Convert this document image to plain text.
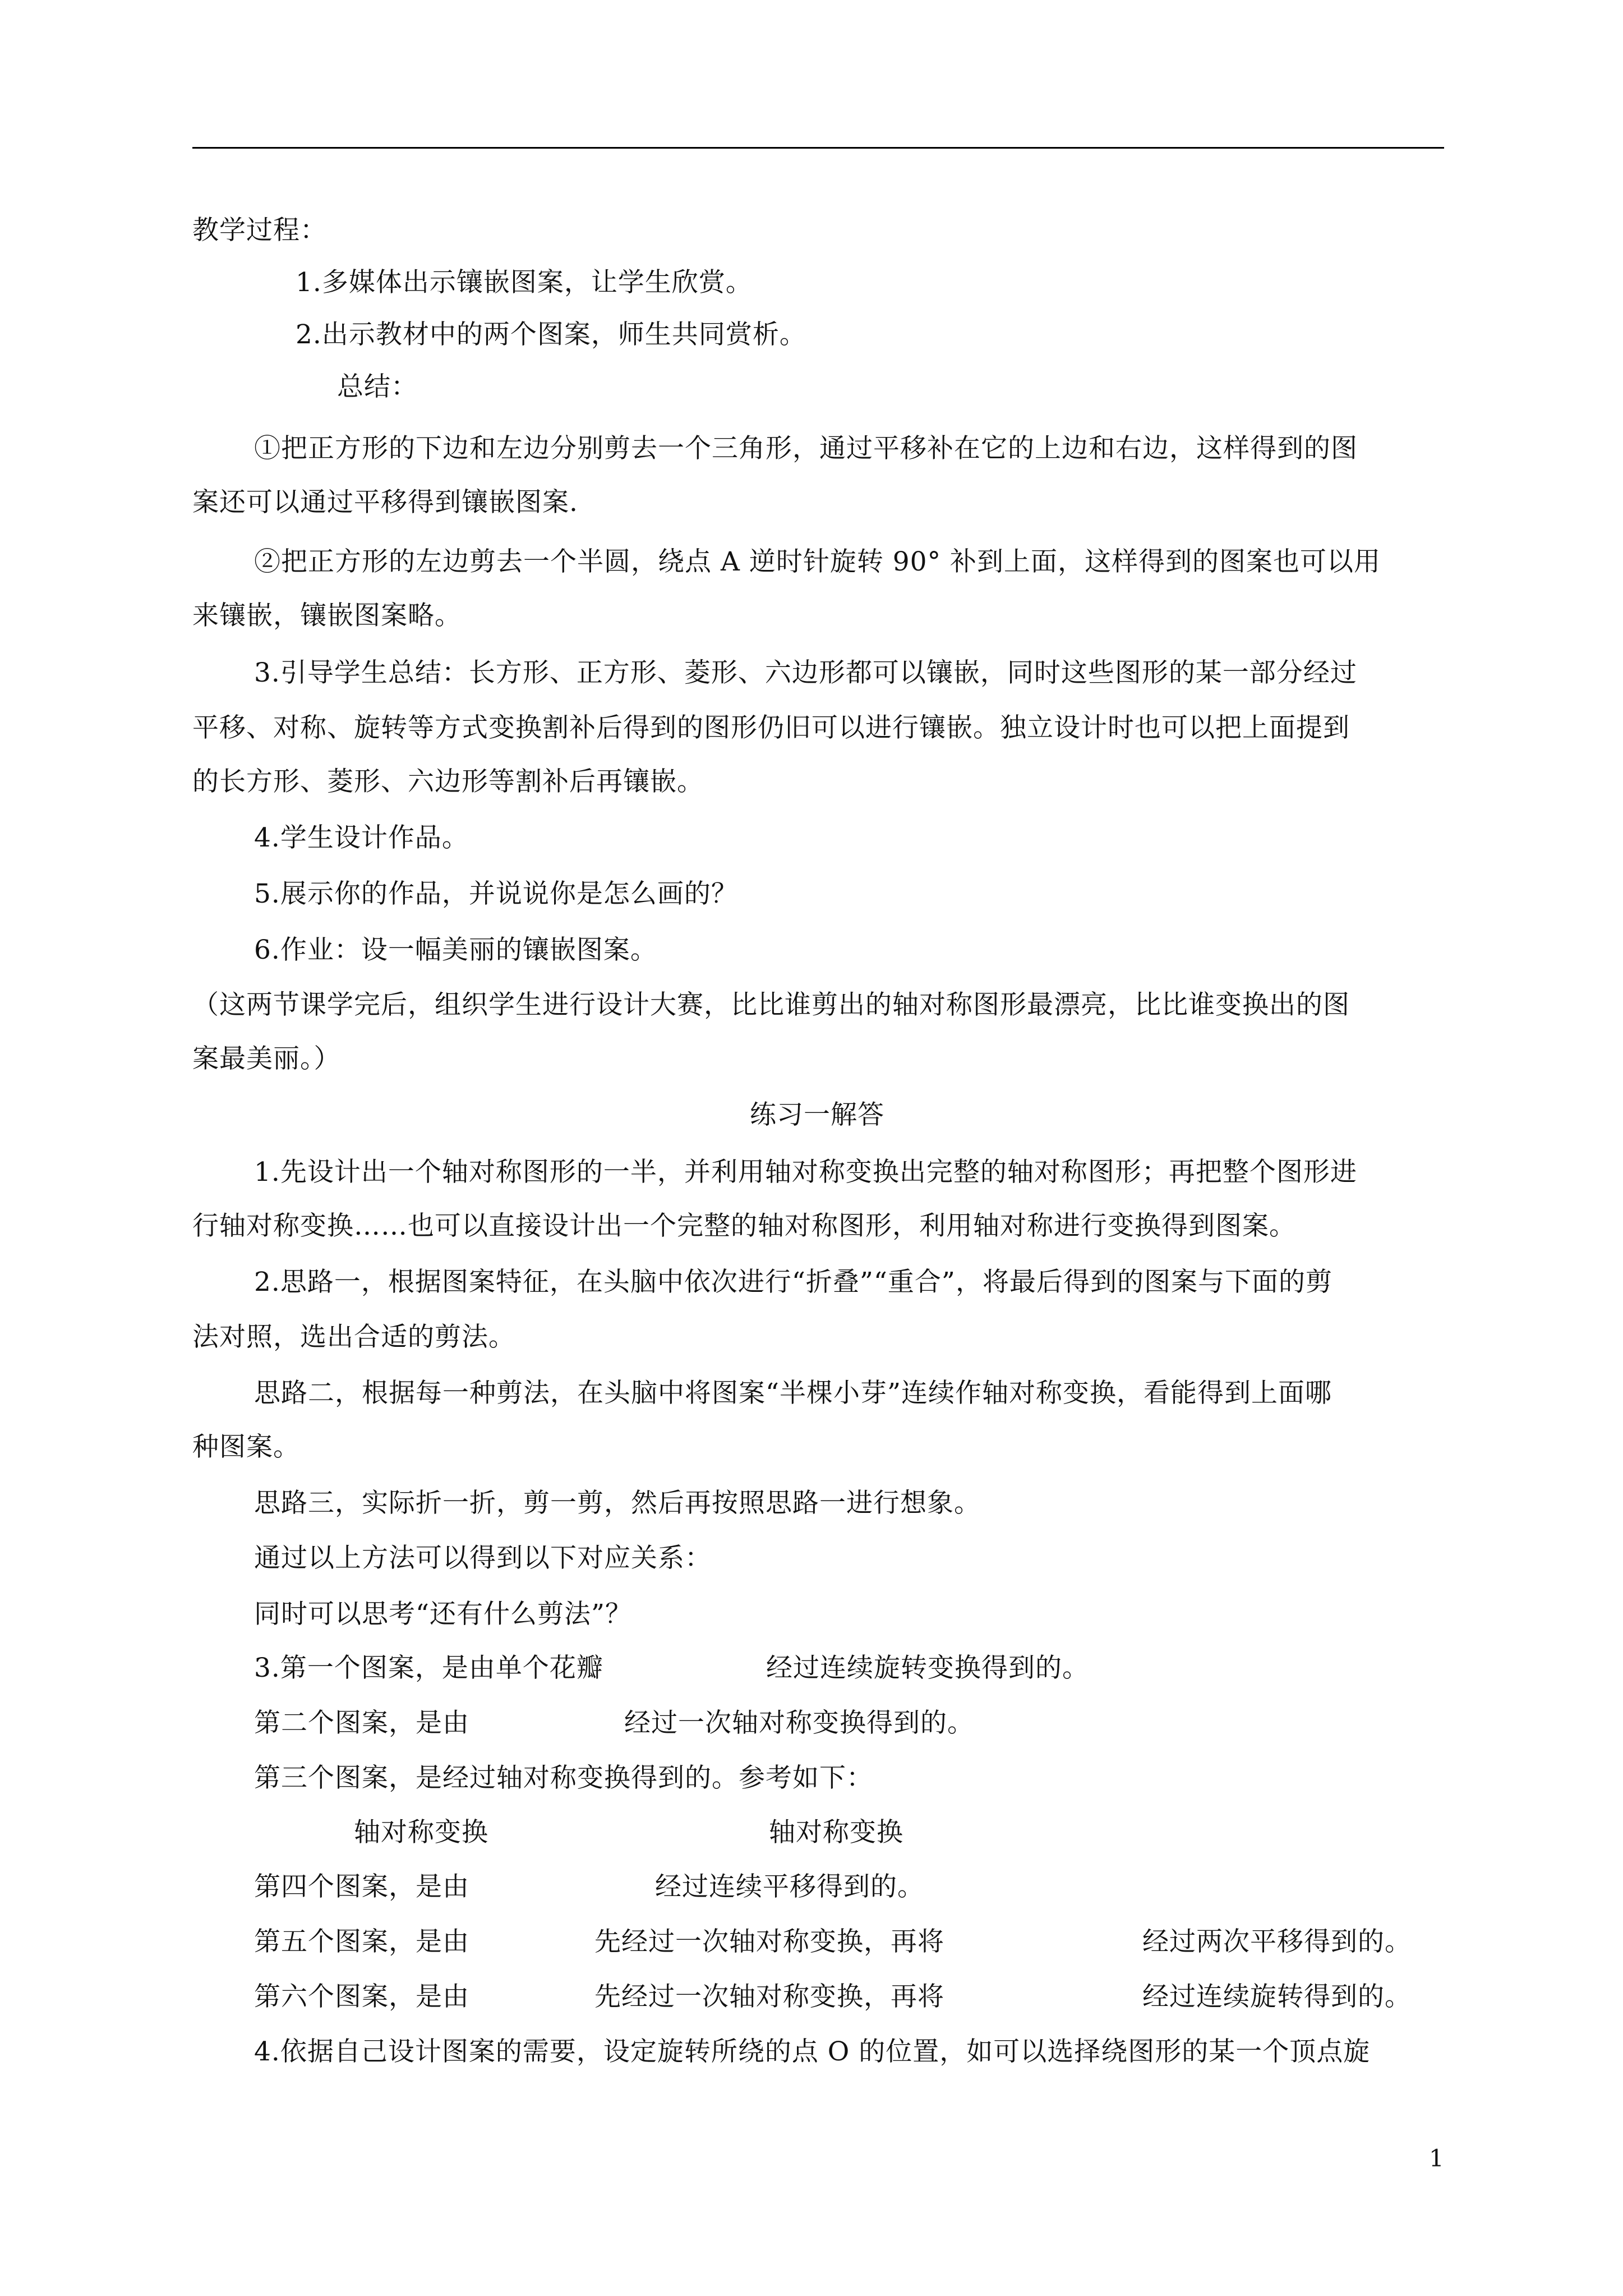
教学过程：
1.多媒体出示镶嵌图案，让学生欣赏。
2.出示教材中的两个图案，师生共同赏析。
总结：
①把正方形的下边和左边分别剪去一个三角形，通过平移补在它的上边和右边，这样得到的图
案还可以通过平移得到镶嵌图案.
②把正方形的左边剪去一个半圆，绕点 A 逆时针旋转 90° 补到上面，这样得到的图案也可以用
来镶嵌，镶嵌图案略。
3.引导学生总结：长方形、正方形、菱形、六边形都可以镶嵌，同时这些图形的某一部分经过
平移、对称、旋转等方式变换割补后得到的图形仍旧可以进行镶嵌。独立设计时也可以把上面提到
的长方形、菱形、六边形等割补后再镶嵌。
4.学生设计作品。
5.展示你的作品，并说说你是怎么画的？
6.作业：设一幅美丽的镶嵌图案。
（这两节课学完后，组织学生进行设计大赛，比比谁剪出的轴对称图形最漂亮，比比谁变换出的图
案最美丽。）
练习一解答
1.先设计出一个轴对称图形的一半，并利用轴对称变换出完整的轴对称图形；再把整个图形进
行轴对称变换……也可以直接设计出一个完整的轴对称图形，利用轴对称进行变换得到图案。
2.思路一，根据图案特征，在头脑中依次进行“折叠”“重合”，将最后得到的图案与下面的剪
法对照，选出合适的剪法。
思路二，根据每一种剪法，在头脑中将图案“半棵小芽”连续作轴对称变换，看能得到上面哪
种图案。
思路三，实际折一折，剪一剪，然后再按照思路一进行想象。
通过以上方法可以得到以下对应关系：
同时可以思考“还有什么剪法”？
3.第一个图案，是由单个花瓣	经过连续旋转变换得到的。
第二个图案，是由	经过一次轴对称变换得到的。
第三个图案，是经过轴对称变换得到的。参考如下：
轴对称变换	轴对称变换
第四个图案，是由	经过连续平移得到的。
第五个图案，是由	先经过一次轴对称变换，再将	经过两次平移得到的。
第六个图案，是由	先经过一次轴对称变换，再将	经过连续旋转得到的。
4.依据自己设计图案的需要，设定旋转所绕的点 O 的位置，如可以选择绕图形的某一个顶点旋
1
